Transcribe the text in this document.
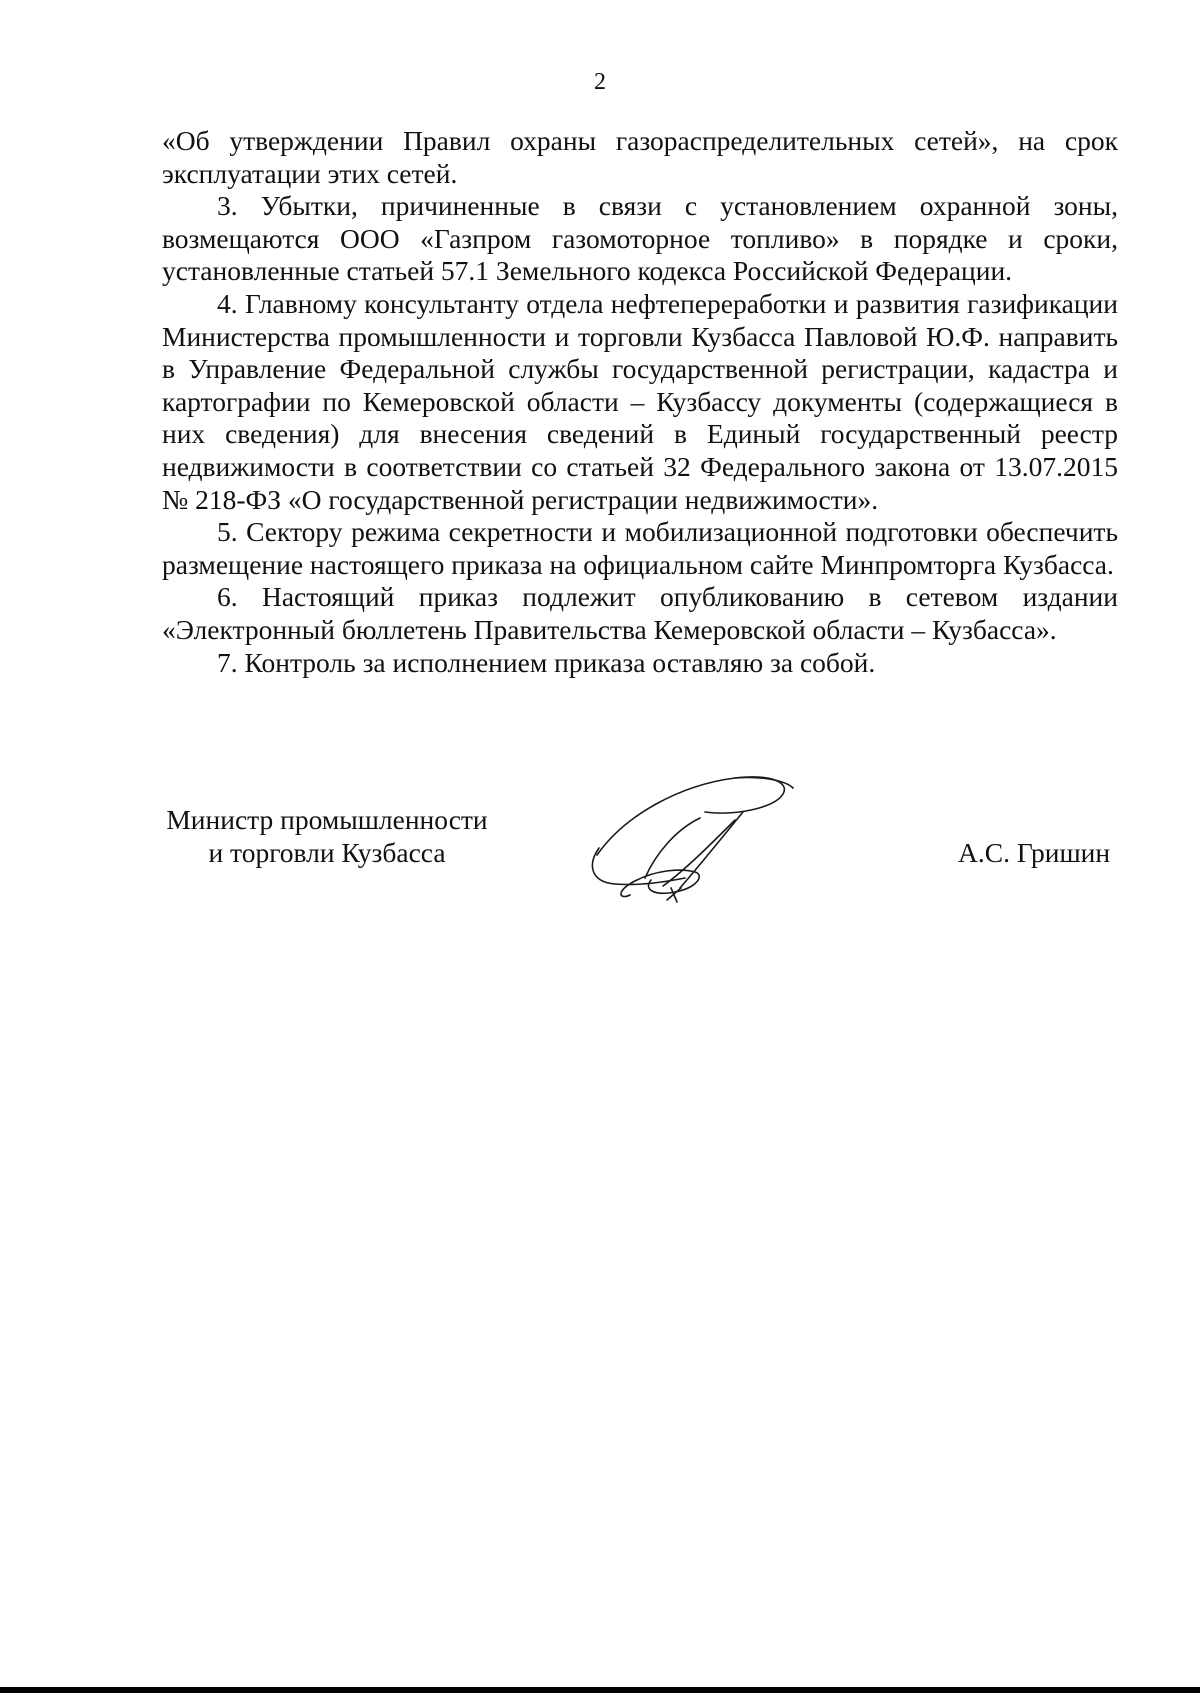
2

«Об утверждении Правил охраны газораспределительных сетей», на срок эксплуатации этих сетей.

3. Убытки, причиненные в связи с установлением охранной зоны, возмещаются ООО «Газпром газомоторное топливо» в порядке и сроки, установленные статьей 57.1 Земельного кодекса Российской Федерации.

4. Главному консультанту отдела нефтепереработки и развития газификации Министерства промышленности и торговли Кузбасса Павловой Ю.Ф. направить в Управление Федеральной службы государственной регистрации, кадастра и картографии по Кемеровской области – Кузбассу документы (содержащиеся в них сведения) для внесения сведений в Единый государственный реестр недвижимости в соответствии со статьей 32 Федерального закона от 13.07.2015 № 218-ФЗ «О государственной регистрации недвижимости».

5. Сектору режима секретности и мобилизационной подготовки обеспечить размещение настоящего приказа на официальном сайте Минпромторга Кузбасса.

6. Настоящий приказ подлежит опубликованию в сетевом издании «Электронный бюллетень Правительства Кемеровской области – Кузбасса».

7. Контроль за исполнением приказа оставляю за собой.

Министр промышленности
и торговли Кузбасса	А.С. Гришин
